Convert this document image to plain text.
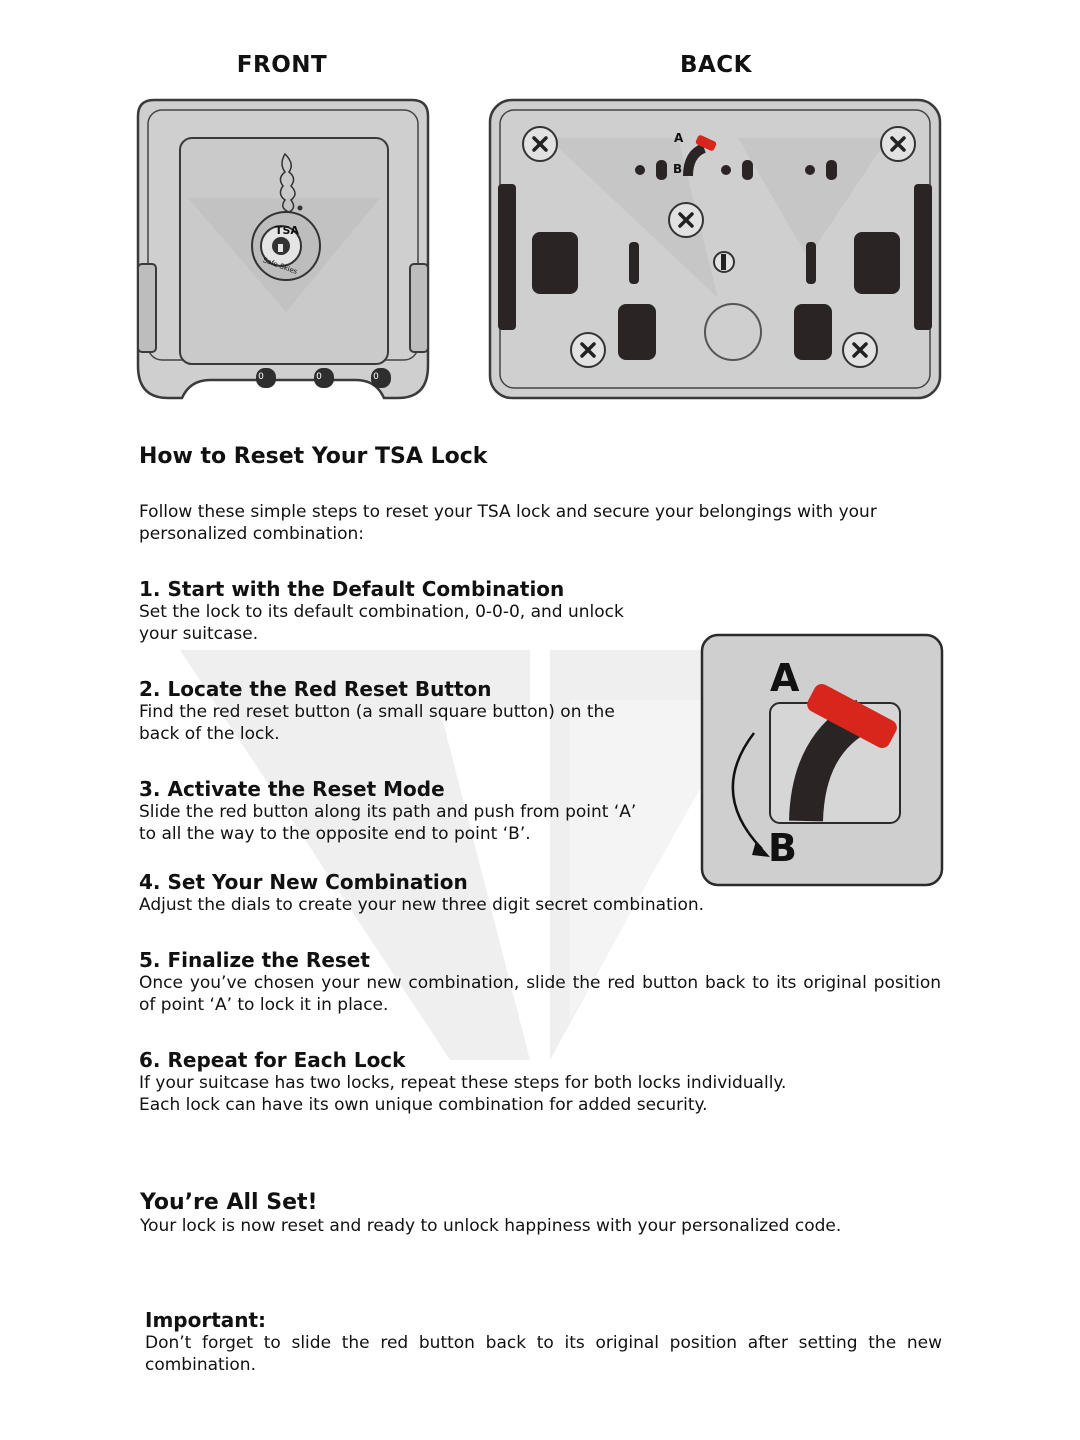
FRONT	BACK
TSA
Safe Skies
0	0	0
A
B
A
B
How to Reset Your TSA Lock

Follow these simple steps to reset your TSA lock and secure your belongings with your personalized combination:

1. Start with the Default Combination

Set the lock to its default combination, 0-0-0, and unlock

your suitcase.

2. Locate the Red Reset Button

Find the red reset button (a small square button) on the

back of the lock.

3. Activate the Reset Mode

Slide the red button along its path and push from point ‘A’

to all the way to the opposite end to point ‘B’.

4. Set Your New Combination

Adjust the dials to create your new three digit secret combination.

5. Finalize the Reset

Once you’ve chosen your new combination, slide the red button back to its original position of point ‘A’ to lock it in place.

6. Repeat for Each Lock

If your suitcase has two locks, repeat these steps for both locks individually.

Each lock can have its own unique combination for added security.

You’re All Set!

Your lock is now reset and ready to unlock happiness with your personalized code.

Important:

Don’t forget to slide the red button back to its original position after setting the new combination.
